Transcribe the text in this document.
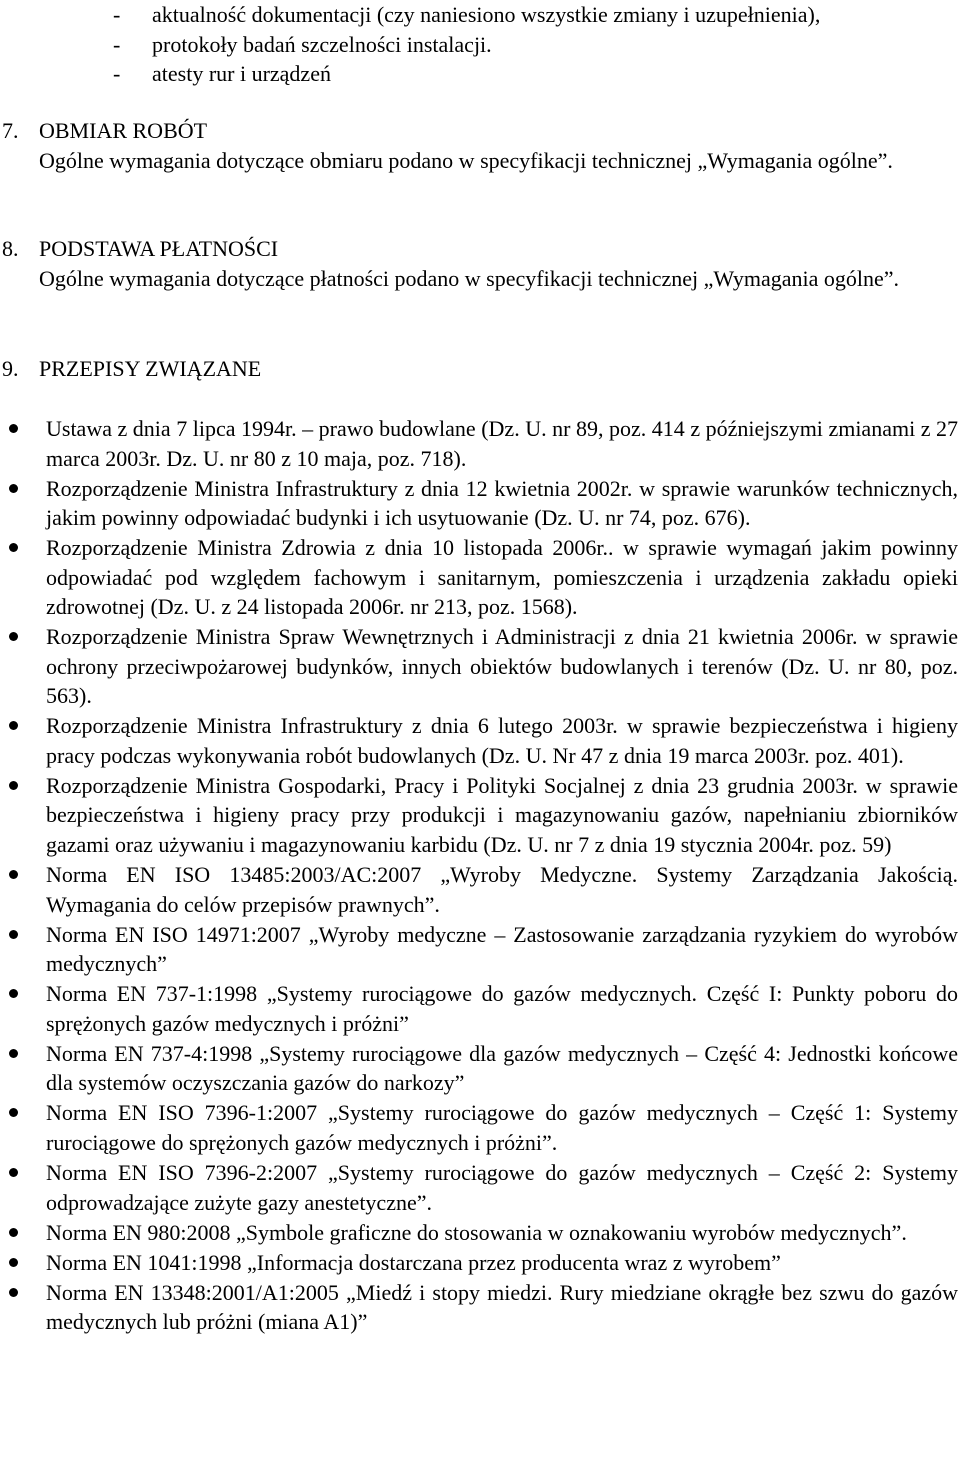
- aktualność dokumentacji (czy naniesiono wszystkie zmiany i uzupełnienia),
- protokoły badań szczelności instalacji.
- atesty rur i urządzeń
7. OBMIAR ROBÓT
Ogólne wymagania dotyczące obmiaru podano w specyfikacji technicznej „Wymagania ogólne”.
8. PODSTAWA PŁATNOŚCI
Ogólne wymagania dotyczące płatności podano w specyfikacji technicznej „Wymagania ogólne”.
9. PRZEPISY ZWIĄZANE
Ustawa z dnia 7 lipca 1994r. – prawo budowlane (Dz. U. nr 89, poz. 414 z późniejszymi zmianami z 27 marca 2003r. Dz. U. nr 80 z 10 maja, poz. 718).
Rozporządzenie Ministra Infrastruktury z dnia 12 kwietnia 2002r. w sprawie warunków technicznych, jakim powinny odpowiadać budynki i ich usytuowanie (Dz. U. nr 74, poz. 676).
Rozporządzenie Ministra Zdrowia z dnia 10 listopada 2006r.. w sprawie wymagań jakim powinny odpowiadać pod względem fachowym i sanitarnym, pomieszczenia i urządzenia zakładu opieki zdrowotnej (Dz. U. z 24 listopada 2006r. nr 213, poz. 1568).
Rozporządzenie Ministra Spraw Wewnętrznych i Administracji z dnia 21 kwietnia 2006r. w sprawie ochrony przeciwpożarowej budynków, innych obiektów budowlanych i terenów (Dz. U. nr 80, poz. 563).
Rozporządzenie Ministra Infrastruktury z dnia 6 lutego 2003r. w sprawie bezpieczeństwa i higieny pracy podczas wykonywania robót budowlanych (Dz. U. Nr 47 z dnia 19 marca 2003r. poz. 401).
Rozporządzenie Ministra Gospodarki, Pracy i Polityki Socjalnej z dnia 23 grudnia 2003r. w sprawie bezpieczeństwa i higieny pracy przy produkcji i magazynowaniu gazów, napełnianiu zbiorników gazami oraz używaniu i magazynowaniu karbidu (Dz. U. nr 7 z dnia 19 stycznia 2004r. poz. 59)
Norma EN ISO 13485:2003/AC:2007 „Wyroby Medyczne. Systemy Zarządzania Jakością. Wymagania do celów przepisów prawnych”.
Norma EN ISO 14971:2007 „Wyroby medyczne – Zastosowanie zarządzania ryzykiem do wyrobów medycznych”
Norma EN 737-1:1998 „Systemy rurociągowe do gazów medycznych. Część I: Punkty poboru do sprężonych gazów medycznych i próżni”
Norma EN 737-4:1998 „Systemy rurociągowe dla gazów medycznych – Część 4: Jednostki końcowe dla systemów oczyszczania gazów do narkozy”
Norma EN ISO 7396-1:2007 „Systemy rurociągowe do gazów medycznych – Część 1: Systemy rurociągowe do sprężonych gazów medycznych i próżni”.
Norma EN ISO 7396-2:2007 „Systemy rurociągowe do gazów medycznych – Część 2: Systemy odprowadzające zużyte gazy anestetyczne”.
Norma EN 980:2008 „Symbole graficzne do stosowania w oznakowaniu wyrobów medycznych”.
Norma EN 1041:1998 „Informacja dostarczana przez producenta wraz z wyrobem”
Norma EN 13348:2001/A1:2005 „Miedź i stopy miedzi. Rury miedziane okrągłe bez szwu do gazów medycznych lub próżni (miana A1)”
